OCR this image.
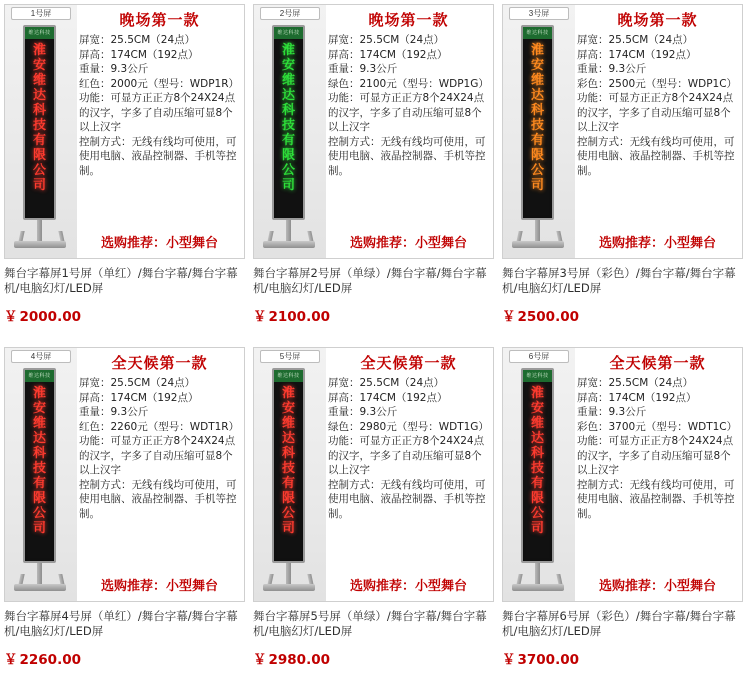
1号屏
维达科技
淮
安
维
达
科
技
有
限
公
司
晚场第一款
屏宽：25.5CM（24点）
屏高：174CM（192点）
重量：9.3公斤
红色：2000元（型号：WDP1R）
功能：可显方正正方8个24X24点的汉字，字多了自动压缩可显8个以上汉字
控制方式：无线有线均可使用，可使用电脑、液晶控制器、手机等控制。
选购推荐：小型舞台
舞台字幕屏1号屏（单红）/舞台字幕/舞台字幕机/电脑幻灯/LED屏
￥ 2000.00
2号屏
维达科技
淮
安
维
达
科
技
有
限
公
司
晚场第一款
屏宽：25.5CM（24点）
屏高：174CM（192点）
重量：9.3公斤
绿色：2100元（型号：WDP1G）
功能：可显方正正方8个24X24点的汉字，字多了自动压缩可显8个以上汉字
控制方式：无线有线均可使用，可使用电脑、液晶控制器、手机等控制。
选购推荐：小型舞台
舞台字幕屏2号屏（单绿）/舞台字幕/舞台字幕机/电脑幻灯/LED屏
￥ 2100.00
3号屏
维达科技
淮
安
维
达
科
技
有
限
公
司
晚场第一款
屏宽：25.5CM（24点）
屏高：174CM（192点）
重量：9.3公斤
彩色：2500元（型号：WDP1C）
功能：可显方正正方8个24X24点的汉字，字多了自动压缩可显8个以上汉字
控制方式：无线有线均可使用，可使用电脑、液晶控制器、手机等控制。
选购推荐：小型舞台
舞台字幕屏3号屏（彩色）/舞台字幕/舞台字幕机/电脑幻灯/LED屏
￥ 2500.00
4号屏
维达科技
淮
安
维
达
科
技
有
限
公
司
全天候第一款
屏宽：25.5CM（24点）
屏高：174CM（192点）
重量：9.3公斤
红色：2260元（型号：WDT1R）
功能：可显方正正方8个24X24点的汉字，字多了自动压缩可显8个以上汉字
控制方式：无线有线均可使用，可使用电脑、液晶控制器、手机等控制。
选购推荐：小型舞台
舞台字幕屏4号屏（单红）/舞台字幕/舞台字幕机/电脑幻灯/LED屏
￥ 2260.00
5号屏
维达科技
淮
安
维
达
科
技
有
限
公
司
全天候第一款
屏宽：25.5CM（24点）
屏高：174CM（192点）
重量：9.3公斤
绿色：2980元（型号：WDT1G）
功能：可显方正正方8个24X24点的汉字，字多了自动压缩可显8个以上汉字
控制方式：无线有线均可使用，可使用电脑、液晶控制器、手机等控制。
选购推荐：小型舞台
舞台字幕屏5号屏（单绿）/舞台字幕/舞台字幕机/电脑幻灯/LED屏
￥ 2980.00
6号屏
维达科技
淮
安
维
达
科
技
有
限
公
司
全天候第一款
屏宽：25.5CM（24点）
屏高：174CM（192点）
重量：9.3公斤
彩色：3700元（型号：WDT1C）
功能：可显方正正方8个24X24点的汉字，字多了自动压缩可显8个以上汉字
控制方式：无线有线均可使用，可使用电脑、液晶控制器、手机等控制。
选购推荐：小型舞台
舞台字幕屏6号屏（彩色）/舞台字幕/舞台字幕机/电脑幻灯/LED屏
￥ 3700.00
